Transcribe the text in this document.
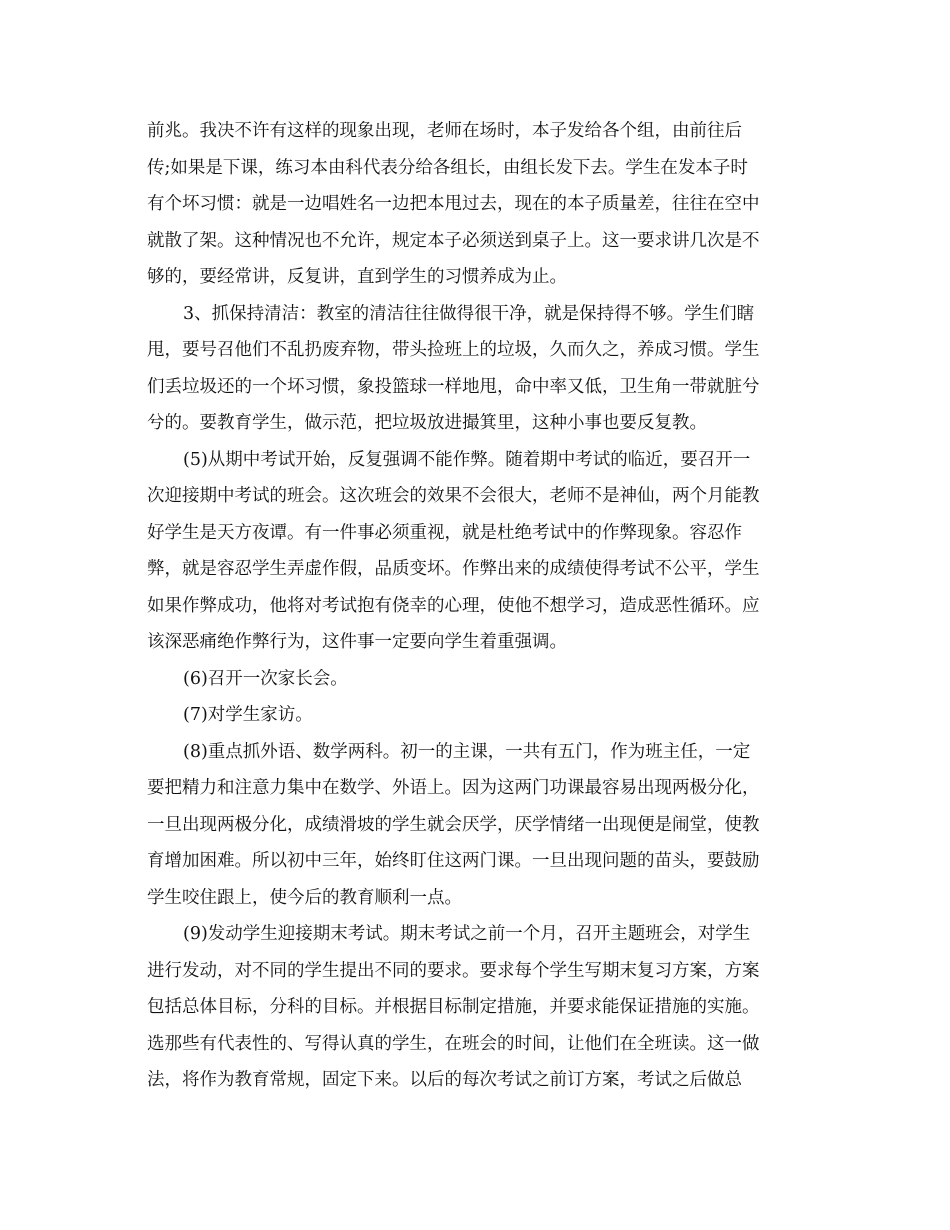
前兆。我决不许有这样的现象出现，老师在场时，本子发给各个组，由前往后

传;如果是下课，练习本由科代表分给各组长，由组长发下去。学生在发本子时

有个坏习惯：就是一边唱姓名一边把本甩过去，现在的本子质量差，往往在空中

就散了架。这种情况也不允许，规定本子必须送到桌子上。这一要求讲几次是不

够的，要经常讲，反复讲，直到学生的习惯养成为止。

3、抓保持清洁：教室的清洁往往做得很干净，就是保持得不够。学生们瞎

甩，要号召他们不乱扔废弃物，带头捡班上的垃圾，久而久之，养成习惯。学生

们丢垃圾还的一个坏习惯，象投篮球一样地甩，命中率又低，卫生角一带就脏兮

兮的。要教育学生，做示范，把垃圾放进撮箕里，这种小事也要反复教。

(5)从期中考试开始，反复强调不能作弊。随着期中考试的临近，要召开一

次迎接期中考试的班会。这次班会的效果不会很大，老师不是神仙，两个月能教

好学生是天方夜谭。有一件事必须重视，就是杜绝考试中的作弊现象。容忍作

弊，就是容忍学生弄虚作假，品质变坏。作弊出来的成绩使得考试不公平，学生

如果作弊成功，他将对考试抱有侥幸的心理，使他不想学习，造成恶性循环。应

该深恶痛绝作弊行为，这件事一定要向学生着重强调。

(6)召开一次家长会。

(7)对学生家访。

(8)重点抓外语、数学两科。初一的主课，一共有五门，作为班主任，一定

要把精力和注意力集中在数学、外语上。因为这两门功课最容易出现两极分化，

一旦出现两极分化，成绩滑坡的学生就会厌学，厌学情绪一出现便是闹堂，使教

育增加困难。所以初中三年，始终盯住这两门课。一旦出现问题的苗头，要鼓励

学生咬住跟上，使今后的教育顺利一点。

(9)发动学生迎接期末考试。期末考试之前一个月，召开主题班会，对学生

进行发动，对不同的学生提出不同的要求。要求每个学生写期末复习方案，方案

包括总体目标，分科的目标。并根据目标制定措施，并要求能保证措施的实施。

选那些有代表性的、写得认真的学生，在班会的时间，让他们在全班读。这一做

法，将作为教育常规，固定下来。以后的每次考试之前订方案，考试之后做总
